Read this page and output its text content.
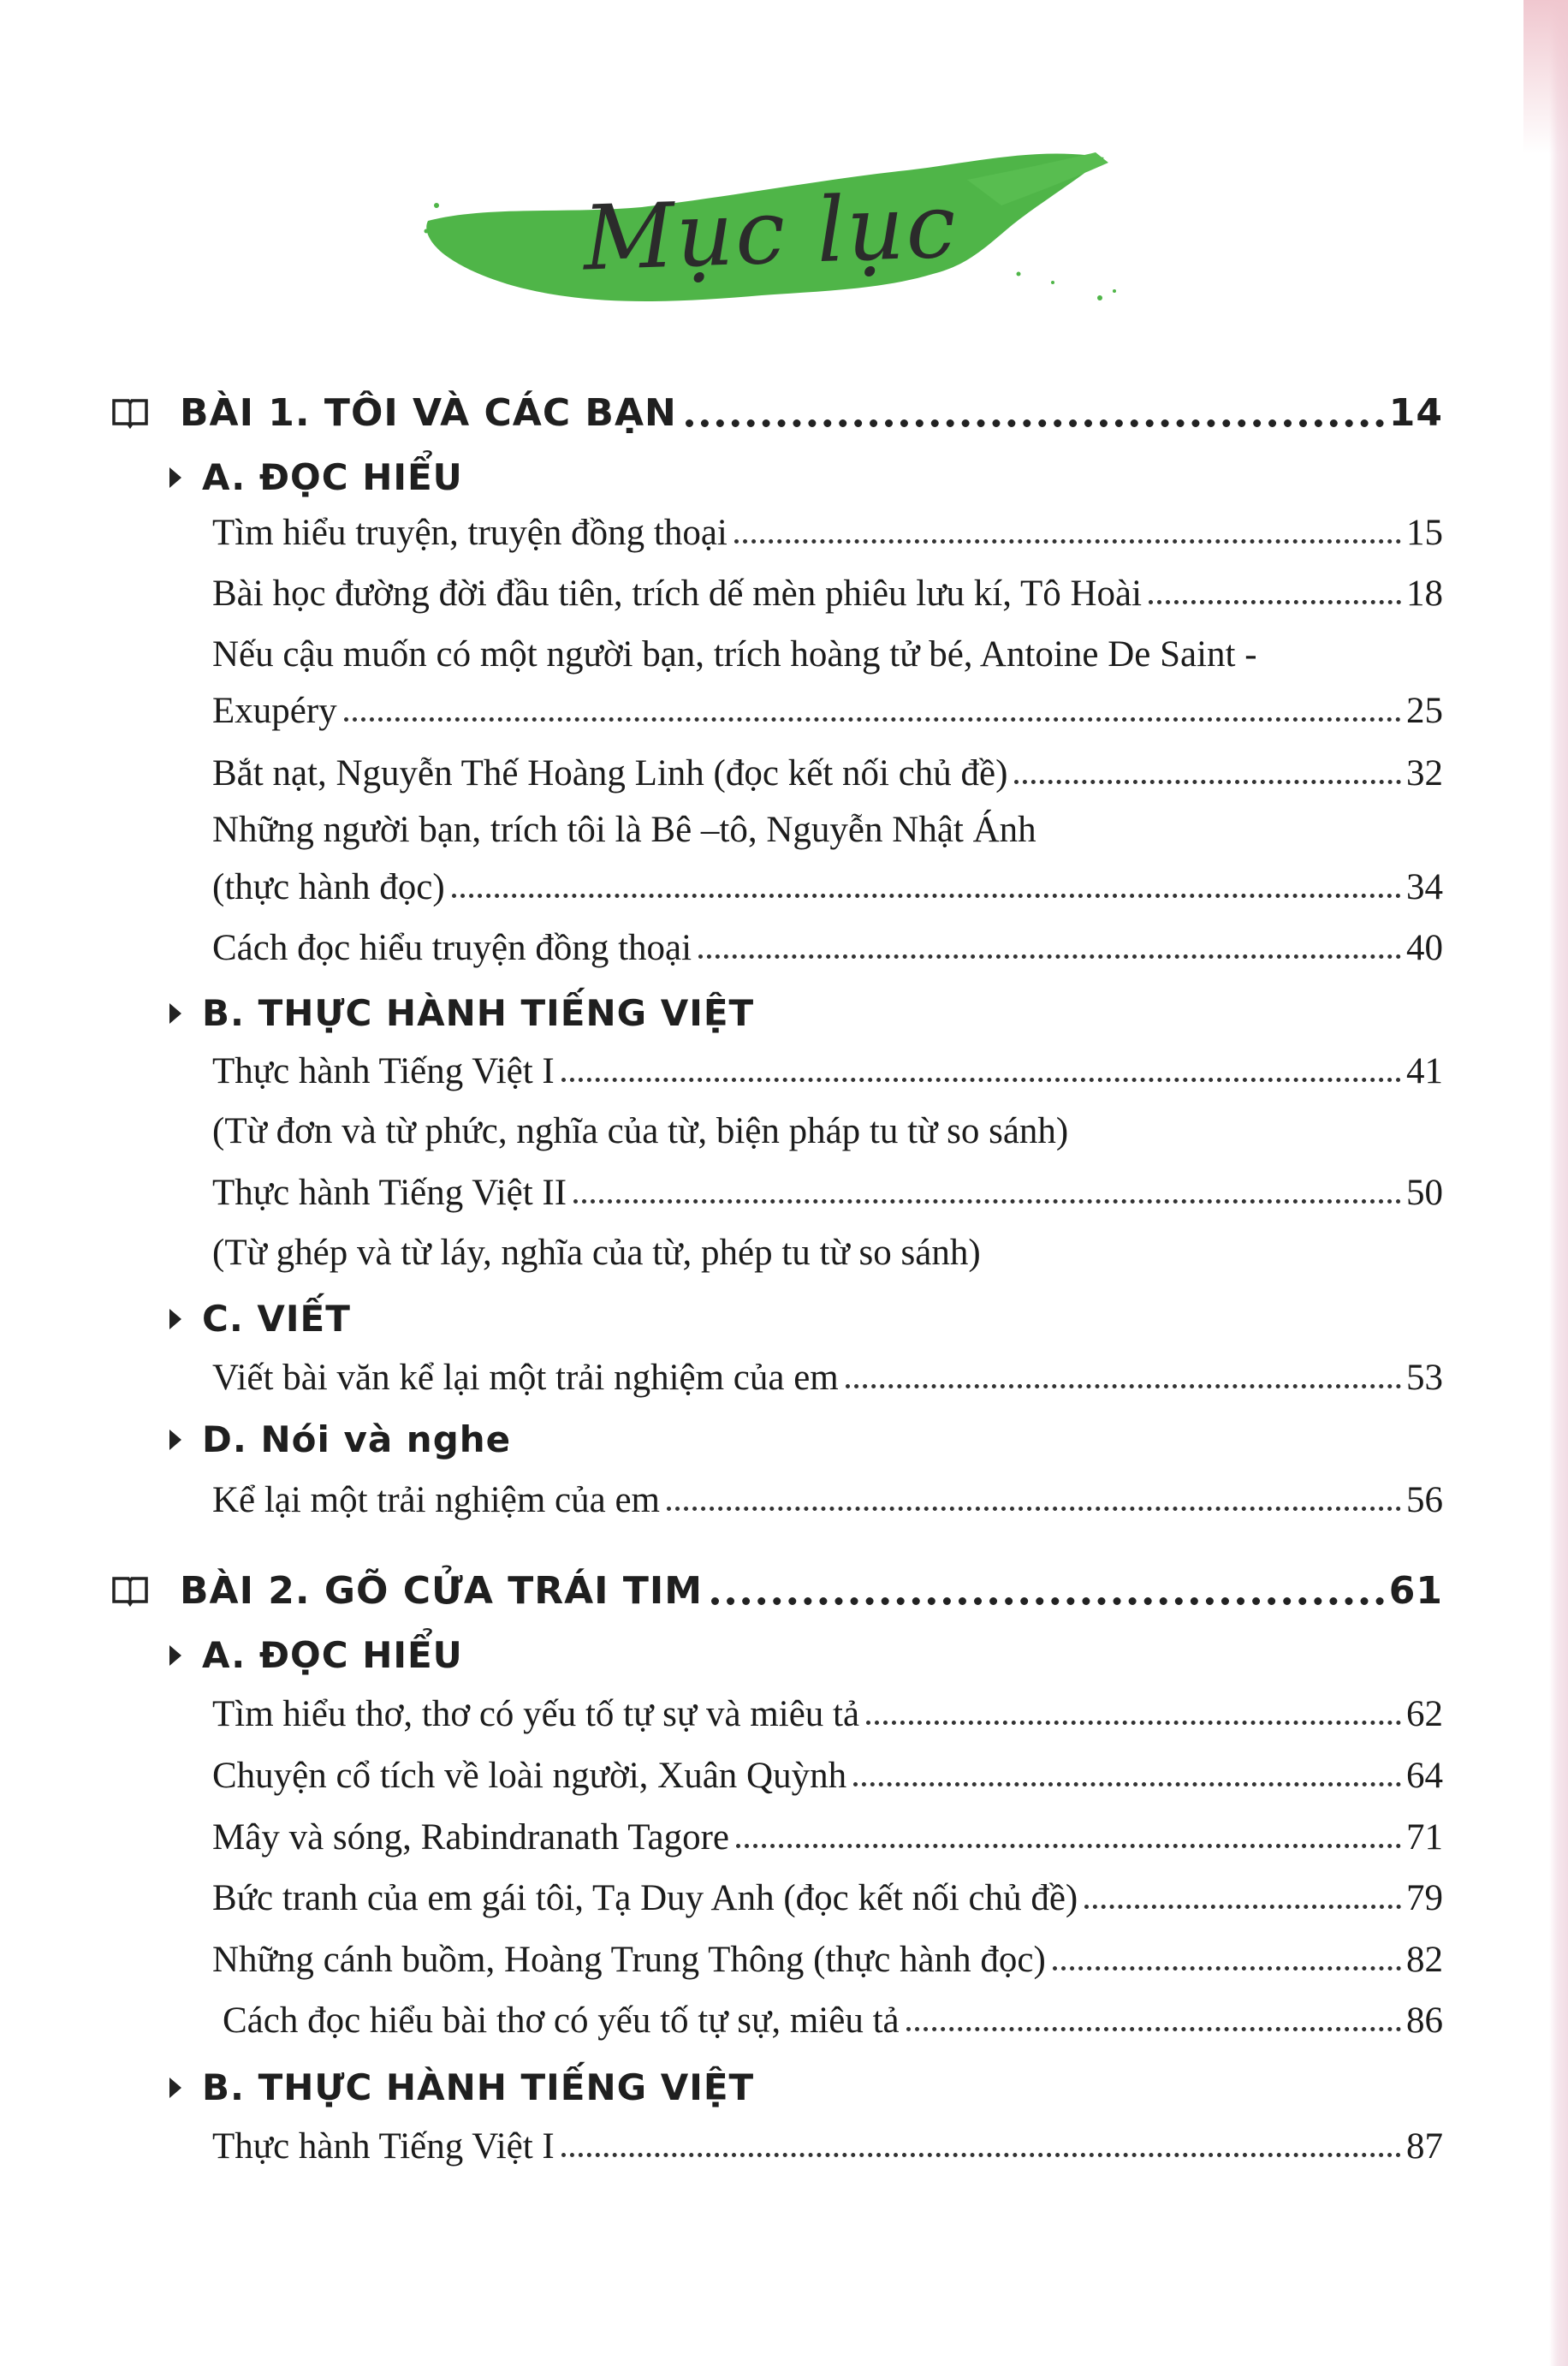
Mục lục
BÀI 1. TÔI VÀ CÁC BẠN	14
A. ĐỌC HIỂU
Tìm hiểu truyện, truyện đồng thoại	15
Bài học đường đời đầu tiên, trích dế mèn phiêu lưu kí, Tô Hoài	18
Nếu cậu muốn có một người bạn, trích hoàng tử bé, Antoine De Saint -
Exupéry	25
Bắt nạt, Nguyễn Thế Hoàng Linh (đọc kết nối chủ đề)	32
Những người bạn, trích tôi là Bê –tô, Nguyễn Nhật Ánh
(thực hành đọc)	34
Cách đọc hiểu truyện đồng thoại	40
B. THỰC HÀNH TIẾNG VIỆT
Thực hành Tiếng Việt I	41
(Từ đơn và từ phức, nghĩa của từ, biện pháp tu từ so sánh)
Thực hành Tiếng Việt II	50
(Từ ghép và từ láy, nghĩa của từ, phép tu từ so sánh)
C. VIẾT
Viết bài văn kể lại một trải nghiệm của em	53
D. Nói và nghe
Kể lại một trải nghiệm của em	56
BÀI 2. GÕ CỬA TRÁI TIM	61
A. ĐỌC HIỂU
Tìm hiểu thơ, thơ có yếu tố tự sự và miêu tả	62
Chuyện cổ tích về loài người, Xuân Quỳnh	64
Mây và sóng, Rabindranath Tagore	71
Bức tranh của em gái tôi, Tạ Duy Anh (đọc kết nối chủ đề)	79
Những cánh buồm, Hoàng Trung Thông (thực hành đọc)	82
Cách đọc hiểu bài thơ có yếu tố tự sự, miêu tả	86
B. THỰC HÀNH TIẾNG VIỆT
Thực hành Tiếng Việt I	87
